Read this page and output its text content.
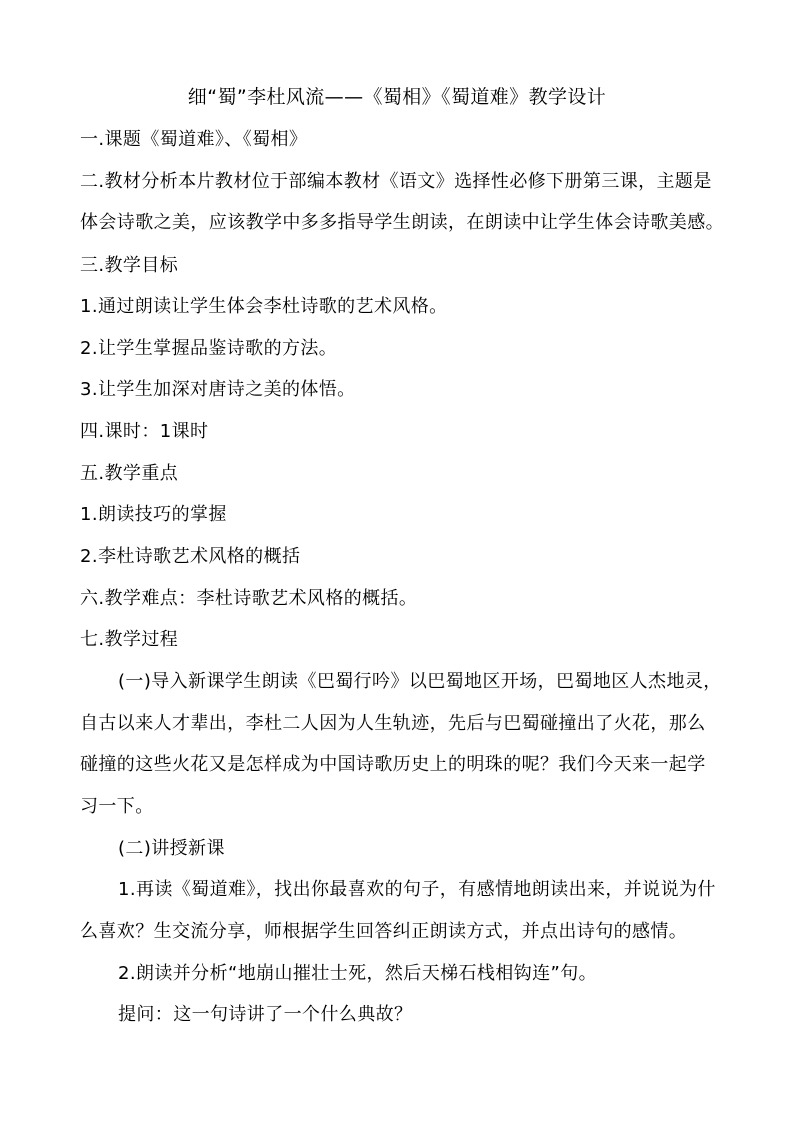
细“蜀”李杜风流——《蜀相》《蜀道难》教学设计
一.课题《蜀道难》、《蜀相》
二.教材分析本片教材位于部编本教材《语文》选择性必修下册第三课，主题是
体会诗歌之美，应该教学中多多指导学生朗读，在朗读中让学生体会诗歌美感。
三.教学目标
1.通过朗读让学生体会李杜诗歌的艺术风格。
2.让学生掌握品鉴诗歌的方法。
3.让学生加深对唐诗之美的体悟。
四.课时：1课时
五.教学重点
1.朗读技巧的掌握
2.李杜诗歌艺术风格的概括
六.教学难点：李杜诗歌艺术风格的概括。
七.教学过程
(一)导入新课学生朗读《巴蜀行吟》以巴蜀地区开场，巴蜀地区人杰地灵，
自古以来人才辈出，李杜二人因为人生轨迹，先后与巴蜀碰撞出了火花，那么
碰撞的这些火花又是怎样成为中国诗歌历史上的明珠的呢？我们今天来一起学
习一下。
(二)讲授新课
1.再读《蜀道难》，找出你最喜欢的句子，有感情地朗读出来，并说说为什
么喜欢？生交流分享，师根据学生回答纠正朗读方式，并点出诗句的感情。
2.朗读并分析“地崩山摧壮士死，然后天梯石栈相钩连”句。
提问：这一句诗讲了一个什么典故？
